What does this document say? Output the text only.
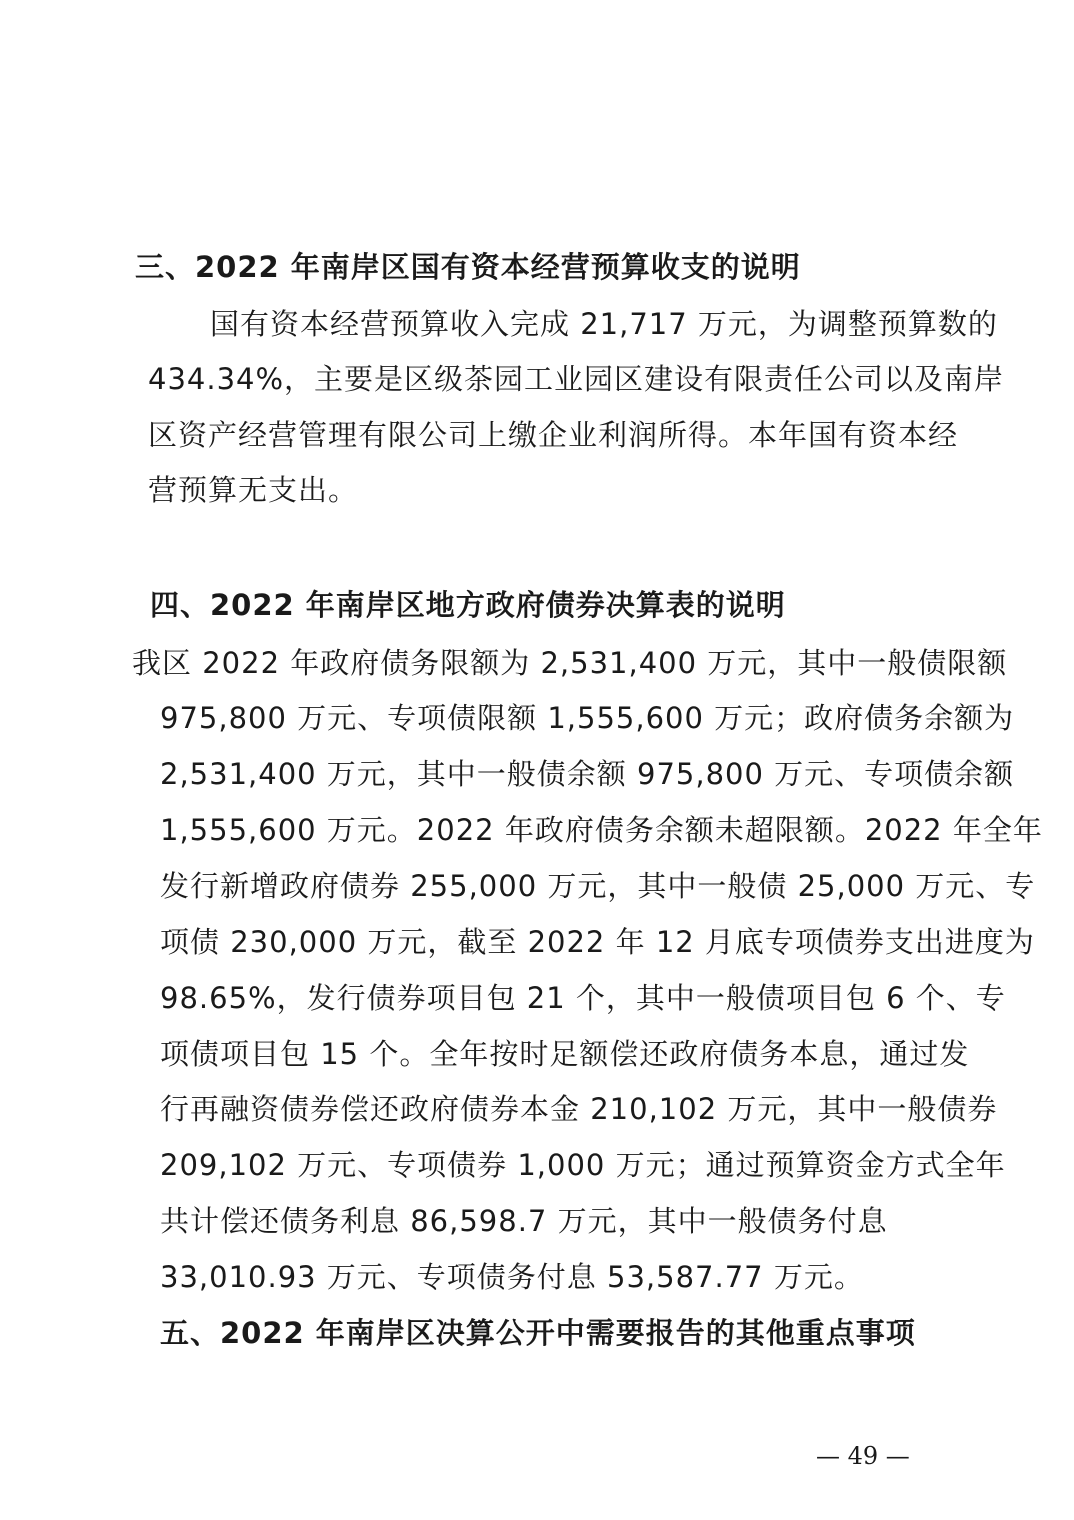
三、2022 年南岸区国有资本经营预算收支的说明
国有资本经营预算收入完成 21,717 万元，为调整预算数的
434.34%，主要是区级茶园工业园区建设有限责任公司以及南岸
区资产经营管理有限公司上缴企业利润所得。本年国有资本经
营预算无支出。
四、2022 年南岸区地方政府债券决算表的说明
我区 2022 年政府债务限额为 2,531,400 万元，其中一般债限额
975,800 万元、专项债限额 1,555,600 万元；政府债务余额为
2,531,400 万元，其中一般债余额 975,800 万元、专项债余额
1,555,600 万元。2022 年政府债务余额未超限额。2022 年全年
发行新增政府债券 255,000 万元，其中一般债 25,000 万元、专
项债 230,000 万元，截至 2022 年 12 月底专项债券支出进度为
98.65%，发行债券项目包 21 个，其中一般债项目包 6 个、专
项债项目包 15 个。全年按时足额偿还政府债务本息，通过发
行再融资债券偿还政府债券本金 210,102 万元，其中一般债券
209,102 万元、专项债券 1,000 万元；通过预算资金方式全年
共计偿还债务利息 86,598.7 万元，其中一般债务付息
33,010.93 万元、专项债务付息 53,587.77 万元。
五、2022 年南岸区决算公开中需要报告的其他重点事项
— 49 —
